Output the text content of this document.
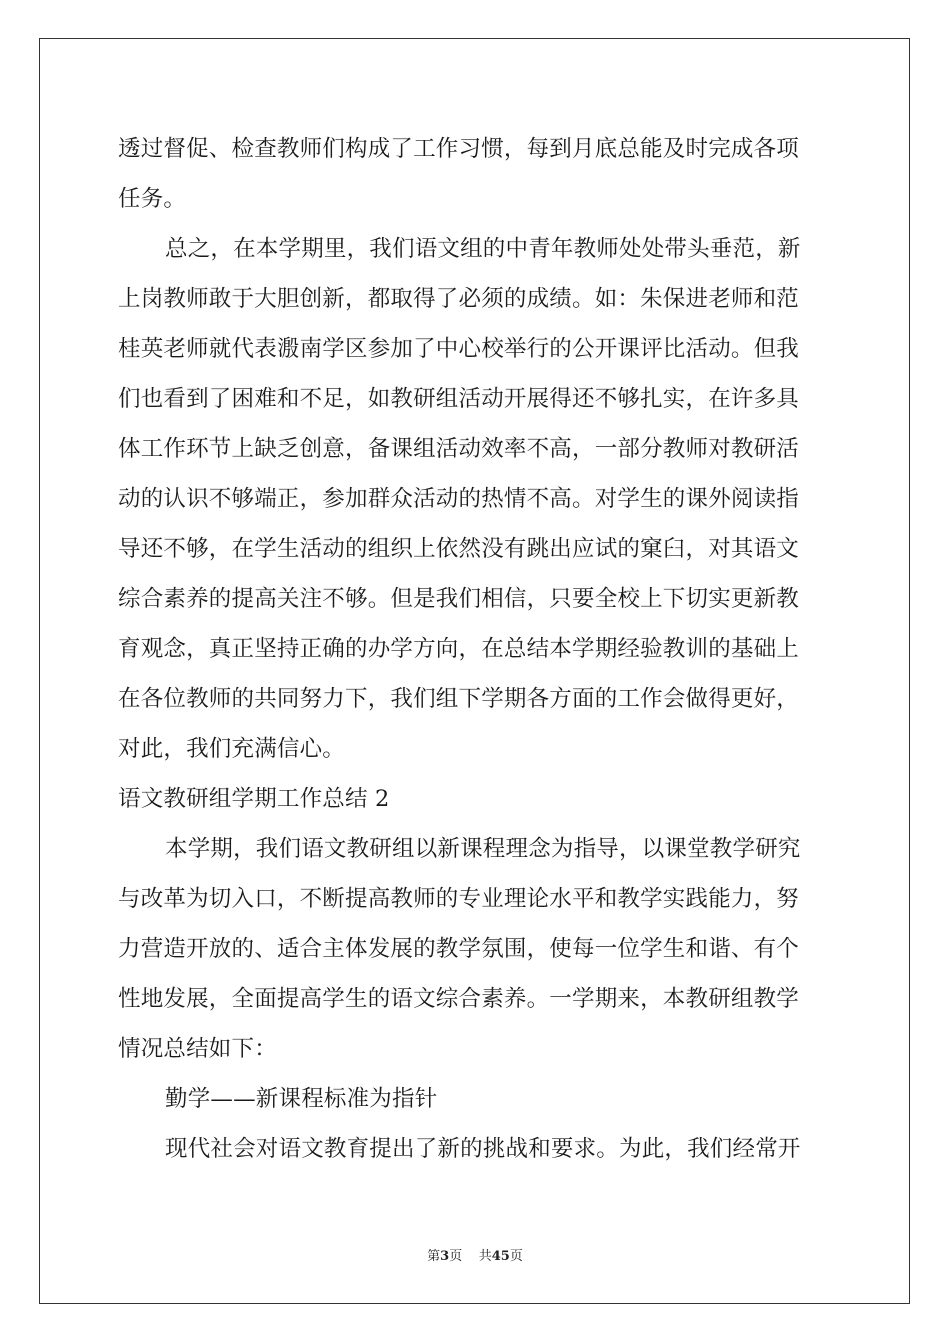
透过督促、检查教师们构成了工作习惯，每到月底总能及时完成各项
任务。
总之，在本学期里，我们语文组的中青年教师处处带头垂范，新
上岗教师敢于大胆创新，都取得了必须的成绩。如：朱保进老师和范
桂英老师就代表溵南学区参加了中心校举行的公开课评比活动。但我
们也看到了困难和不足，如教研组活动开展得还不够扎实，在许多具
体工作环节上缺乏创意，备课组活动效率不高，一部分教师对教研活
动的认识不够端正，参加群众活动的热情不高。对学生的课外阅读指
导还不够，在学生活动的组织上依然没有跳出应试的窠臼，对其语文
综合素养的提高关注不够。但是我们相信，只要全校上下切实更新教
育观念，真正坚持正确的办学方向，在总结本学期经验教训的基础上
在各位教师的共同努力下，我们组下学期各方面的工作会做得更好，
对此，我们充满信心。
语文教研组学期工作总结 2
本学期，我们语文教研组以新课程理念为指导，以课堂教学研究
与改革为切入口，不断提高教师的专业理论水平和教学实践能力，努
力营造开放的、适合主体发展的教学氛围，使每一位学生和谐、有个
性地发展，全面提高学生的语文综合素养。一学期来，本教研组教学
情况总结如下：
勤学——新课程标准为指针
现代社会对语文教育提出了新的挑战和要求。为此，我们经常开
第3页 共45页
